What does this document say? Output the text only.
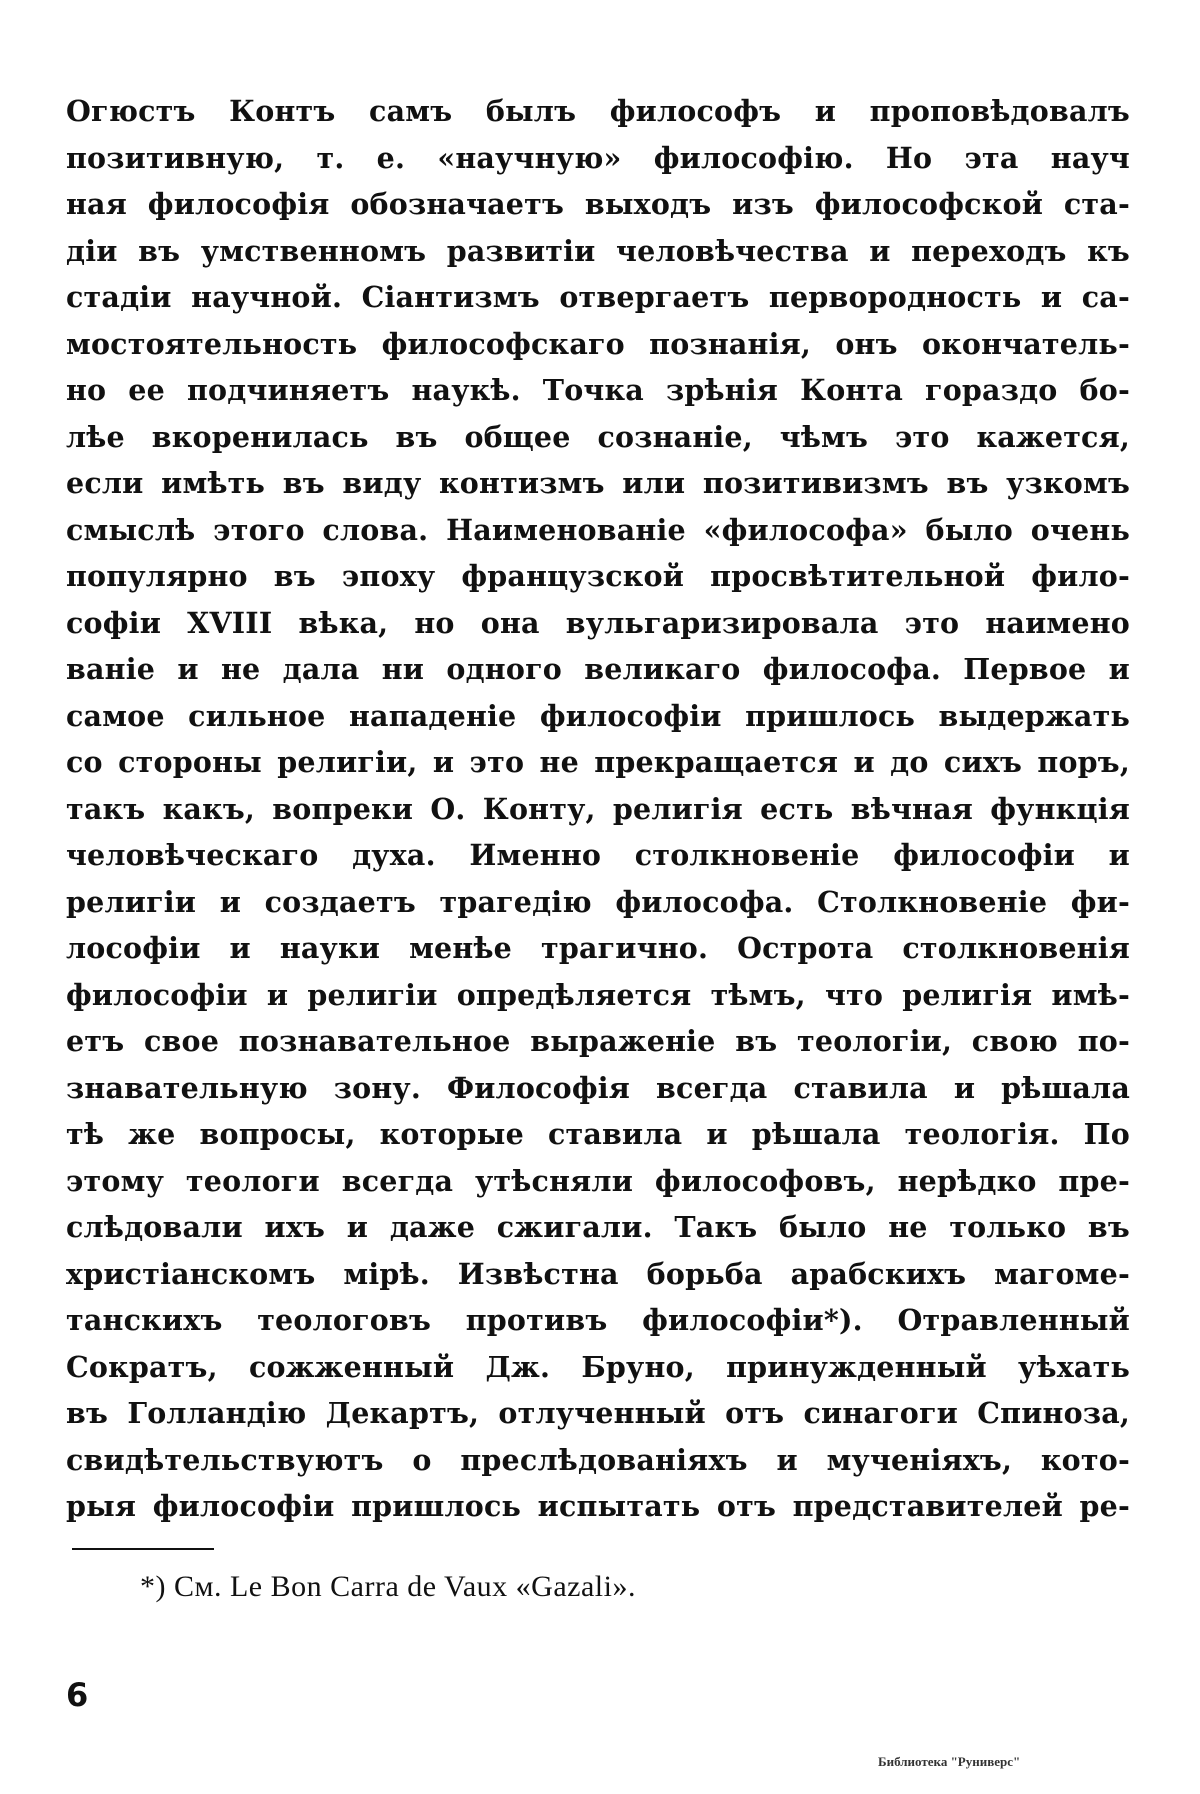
Огюстъ Контъ самъ былъ философъ и проповѣдовалъ
позитивную, т. е. «научную» философію. Но эта науч
ная философія обозначаетъ выходъ изъ философской ста-
діи въ умственномъ развитіи человѣчества и переходъ къ
стадіи научной. Сіантизмъ отвергаетъ первородность и са-
мостоятельность философскаго познанія, онъ окончатель-
но ее подчиняетъ наукѣ. Точка зрѣнія Конта гораздо бо-
лѣе вкоренилась въ общее сознаніе, чѣмъ это кажется,
если имѣть въ виду контизмъ или позитивизмъ въ узкомъ
смыслѣ этого слова. Наименованіе «философа» было очень
популярно въ эпоху французской просвѣтительной фило-
софіи XVIII вѣка, но она вульгаризировала это наимено
ваніе и не дала ни одного великаго философа. Первое и
самое сильное нападеніе философіи пришлось выдержать
со стороны религіи, и это не прекращается и до сихъ поръ,
такъ какъ, вопреки О. Конту, религія есть вѣчная функція
человѣческаго духа. Именно столкновеніе философіи и
религіи и создаетъ трагедію философа. Столкновеніе фи-
лософіи и науки менѣе трагично. Острота столкновенія
философіи и религіи опредѣляется тѣмъ, что религія имѣ-
етъ свое познавательное выраженіе въ теологіи, свою по-
знавательную зону. Философія всегда ставила и рѣшала
тѣ же вопросы, которые ставила и рѣшала теологія. По
этому теологи всегда утѣсняли философовъ, нерѣдко пре-
слѣдовали ихъ и даже сжигали. Такъ было не только въ
христіанскомъ мірѣ. Извѣстна борьба арабскихъ магоме-
танскихъ теологовъ противъ философіи*). Отравленный
Сократъ, сожженный Дж. Бруно, принужденный уѣхать
въ Голландію Декартъ, отлученный отъ синагоги Спиноза,
свидѣтельствуютъ о преслѣдованіяхъ и мученіяхъ, кото-
рыя философіи пришлось испытать отъ представителей ре-
*) См. Le Bon Carra de Vaux «Gazali».
6
Библиотека "Руниверс"
